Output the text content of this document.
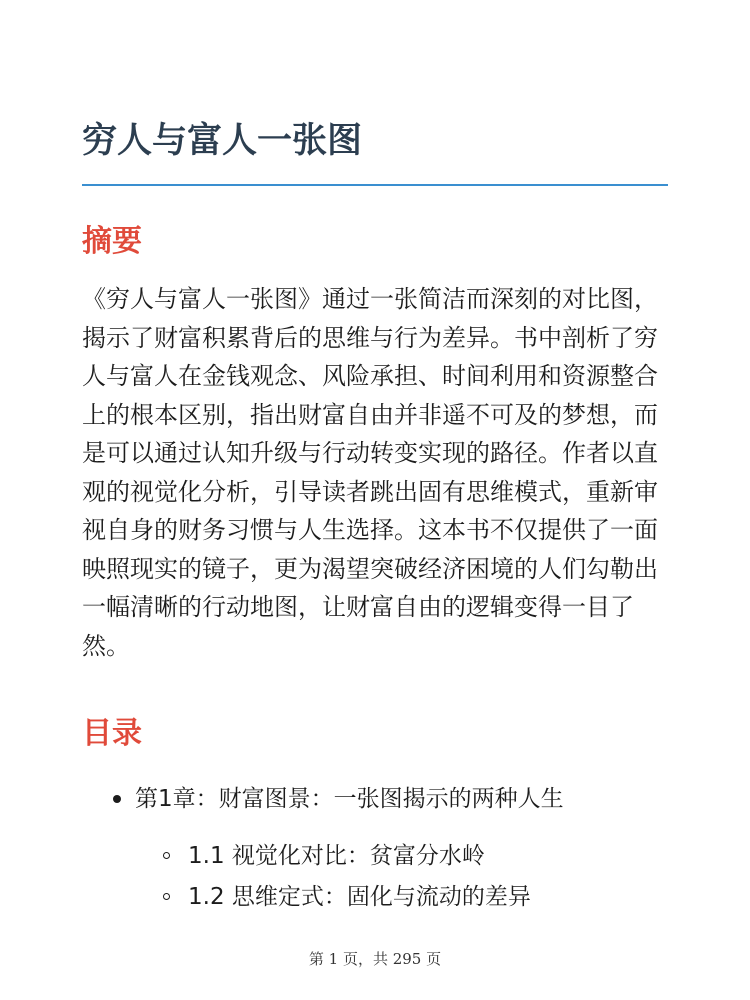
穷人与富人一张图
摘要

《穷人与富人一张图》通过一张简洁而深刻的对比图，揭示了财富积累背后的思维与行为差异。书中剖析了穷人与富人在金钱观念、风险承担、时间利用和资源整合上的根本区别，指出财富自由并非遥不可及的梦想，而是可以通过认知升级与行动转变实现的路径。作者以直观的视觉化分析，引导读者跳出固有思维模式，重新审视自身的财务习惯与人生选择。这本书不仅提供了一面映照现实的镜子，更为渴望突破经济困境的人们勾勒出一幅清晰的行动地图，让财富自由的逻辑变得一目了然。

目录
第1章：财富图景：一张图揭示的两种人生
1.1 视觉化对比：贫富分水岭
1.2 思维定式：固化与流动的差异
第 1 页，共 295 页
